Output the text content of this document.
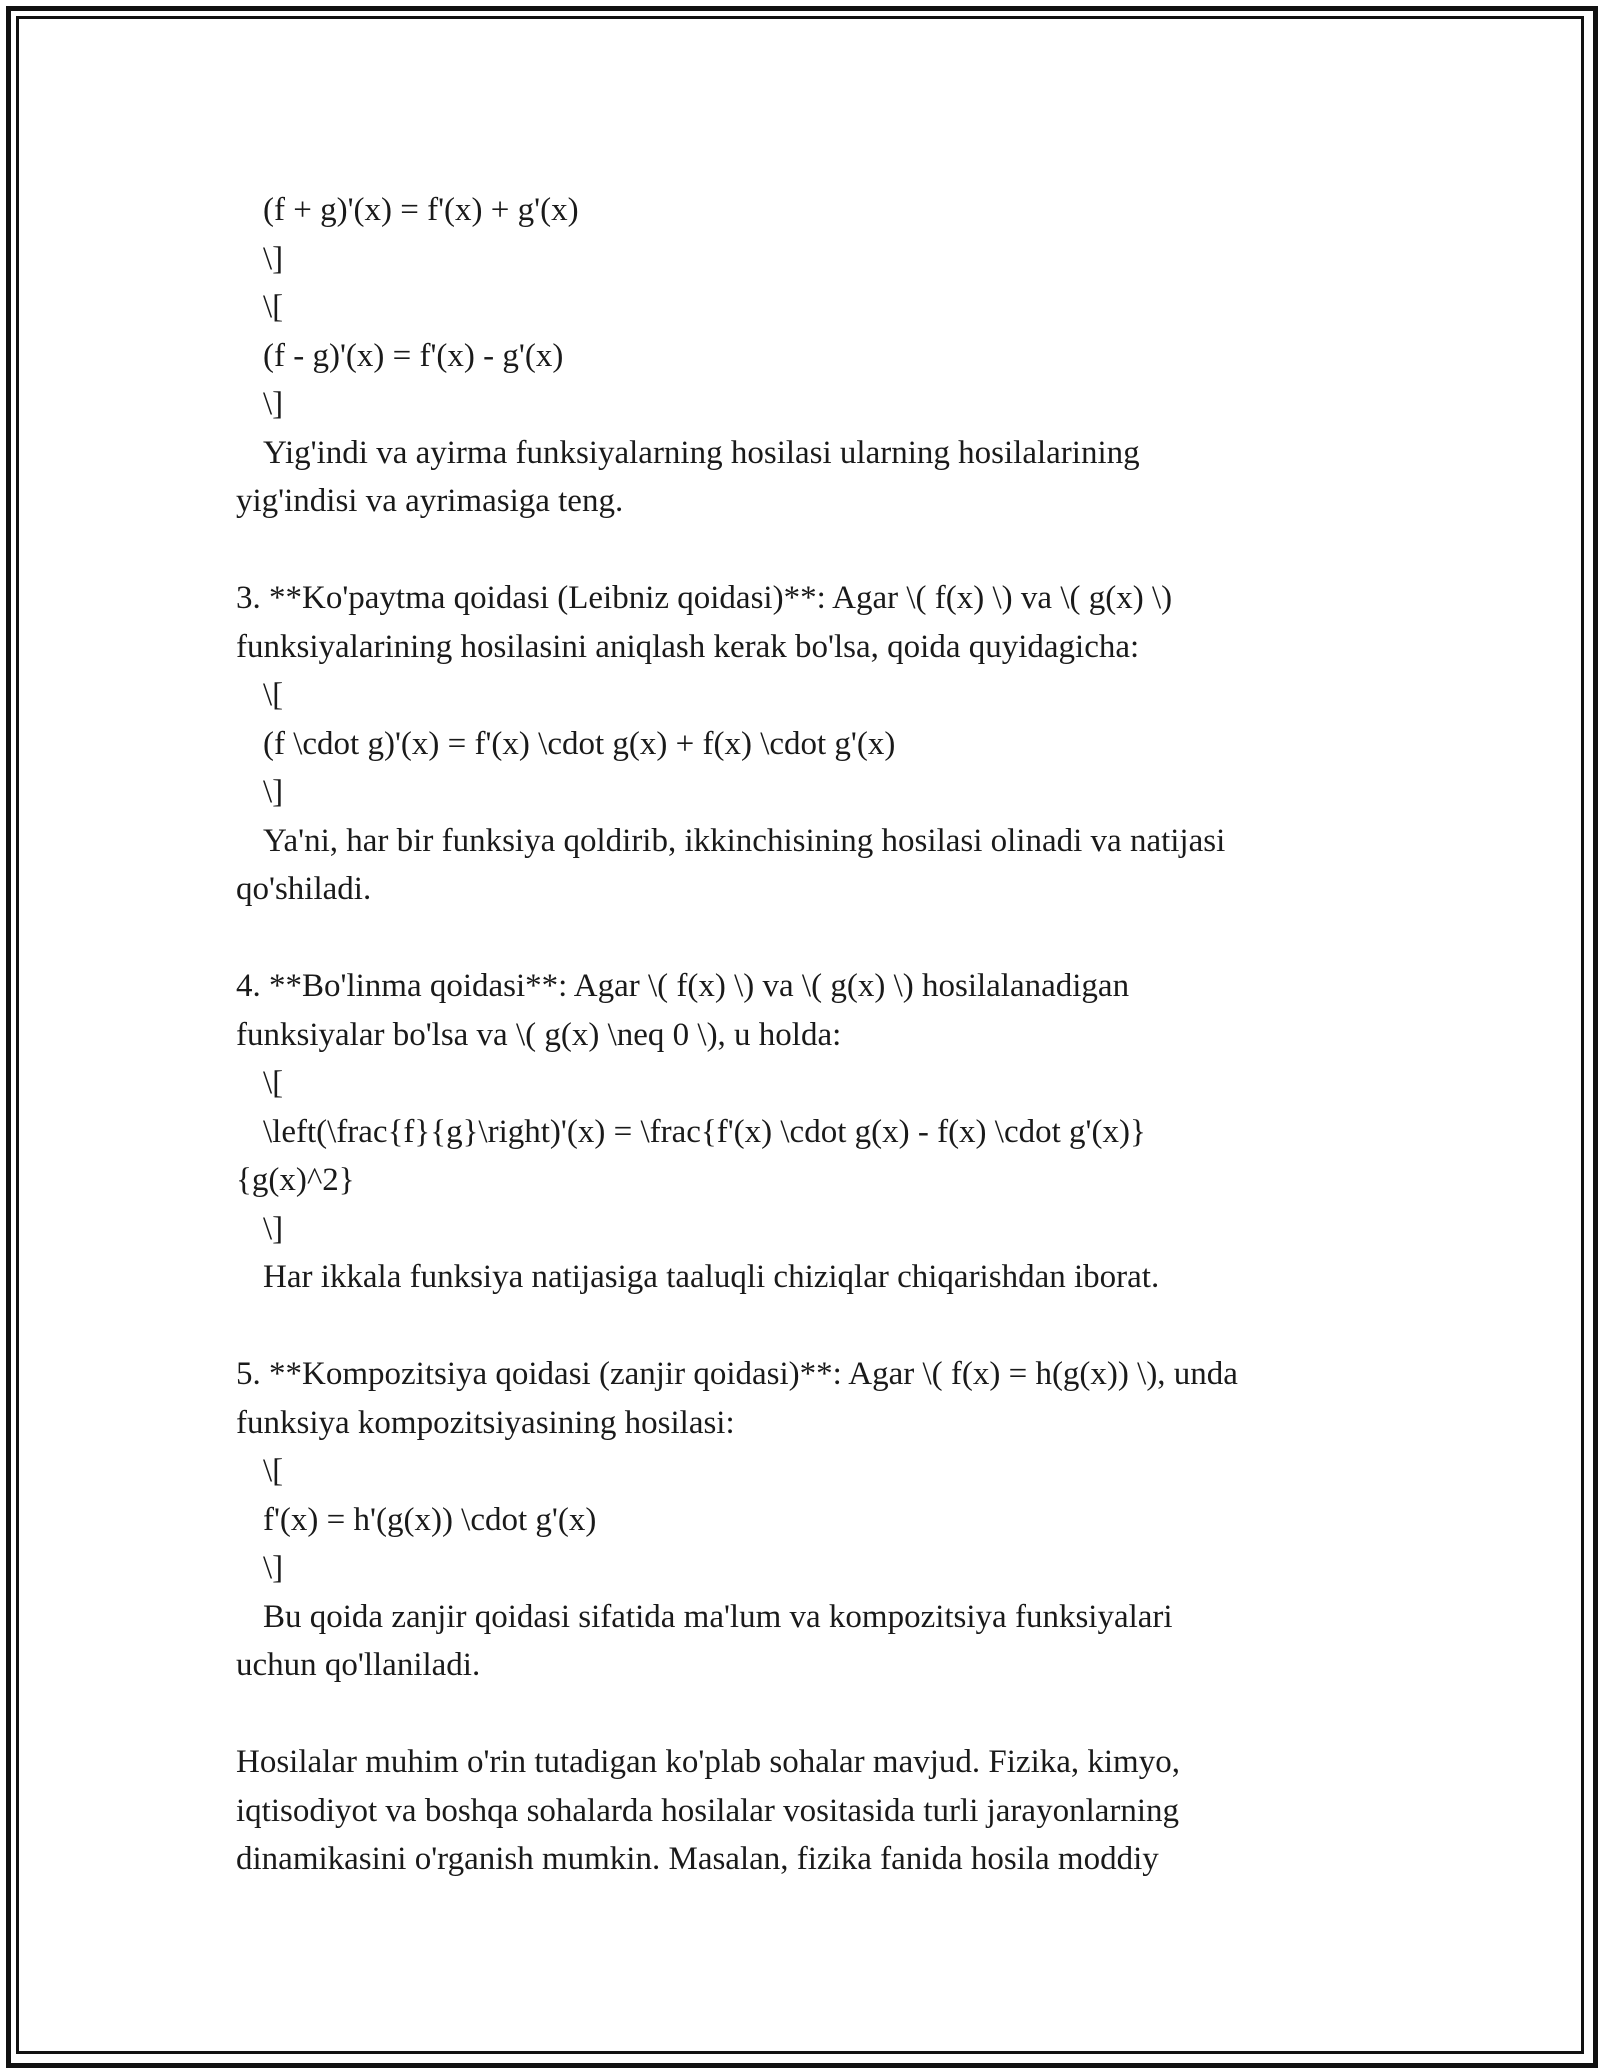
(f + g)'(x) = f'(x) + g'(x)

\]

\[

(f - g)'(x) = f'(x) - g'(x)

\]

Yig'indi va ayirma funksiyalarning hosilasi ularning hosilalarining

yig'indisi va ayrimasiga teng.

3. **Ko'paytma qoidasi (Leibniz qoidasi)**: Agar \( f(x) \) va \( g(x) \)

funksiyalarining hosilasini aniqlash kerak bo'lsa, qoida quyidagicha:

\[

(f \cdot g)'(x) = f'(x) \cdot g(x) + f(x) \cdot g'(x)

\]

Ya'ni, har bir funksiya qoldirib, ikkinchisining hosilasi olinadi va natijasi

qo'shiladi.

4. **Bo'linma qoidasi**: Agar \( f(x) \) va \( g(x) \) hosilalanadigan

funksiyalar bo'lsa va \( g(x) \neq 0 \), u holda:

\[

\left(\frac{f}{g}\right)'(x) = \frac{f'(x) \cdot g(x) - f(x) \cdot g'(x)}

{g(x)^2}

\]

Har ikkala funksiya natijasiga taaluqli chiziqlar chiqarishdan iborat.

5. **Kompozitsiya qoidasi (zanjir qoidasi)**: Agar \( f(x) = h(g(x)) \), unda

funksiya kompozitsiyasining hosilasi:

\[

f'(x) = h'(g(x)) \cdot g'(x)

\]

Bu qoida zanjir qoidasi sifatida ma'lum va kompozitsiya funksiyalari

uchun qo'llaniladi.

Hosilalar muhim o'rin tutadigan ko'plab sohalar mavjud. Fizika, kimyo,

iqtisodiyot va boshqa sohalarda hosilalar vositasida turli jarayonlarning

dinamikasini o'rganish mumkin. Masalan, fizika fanida hosila moddiy
